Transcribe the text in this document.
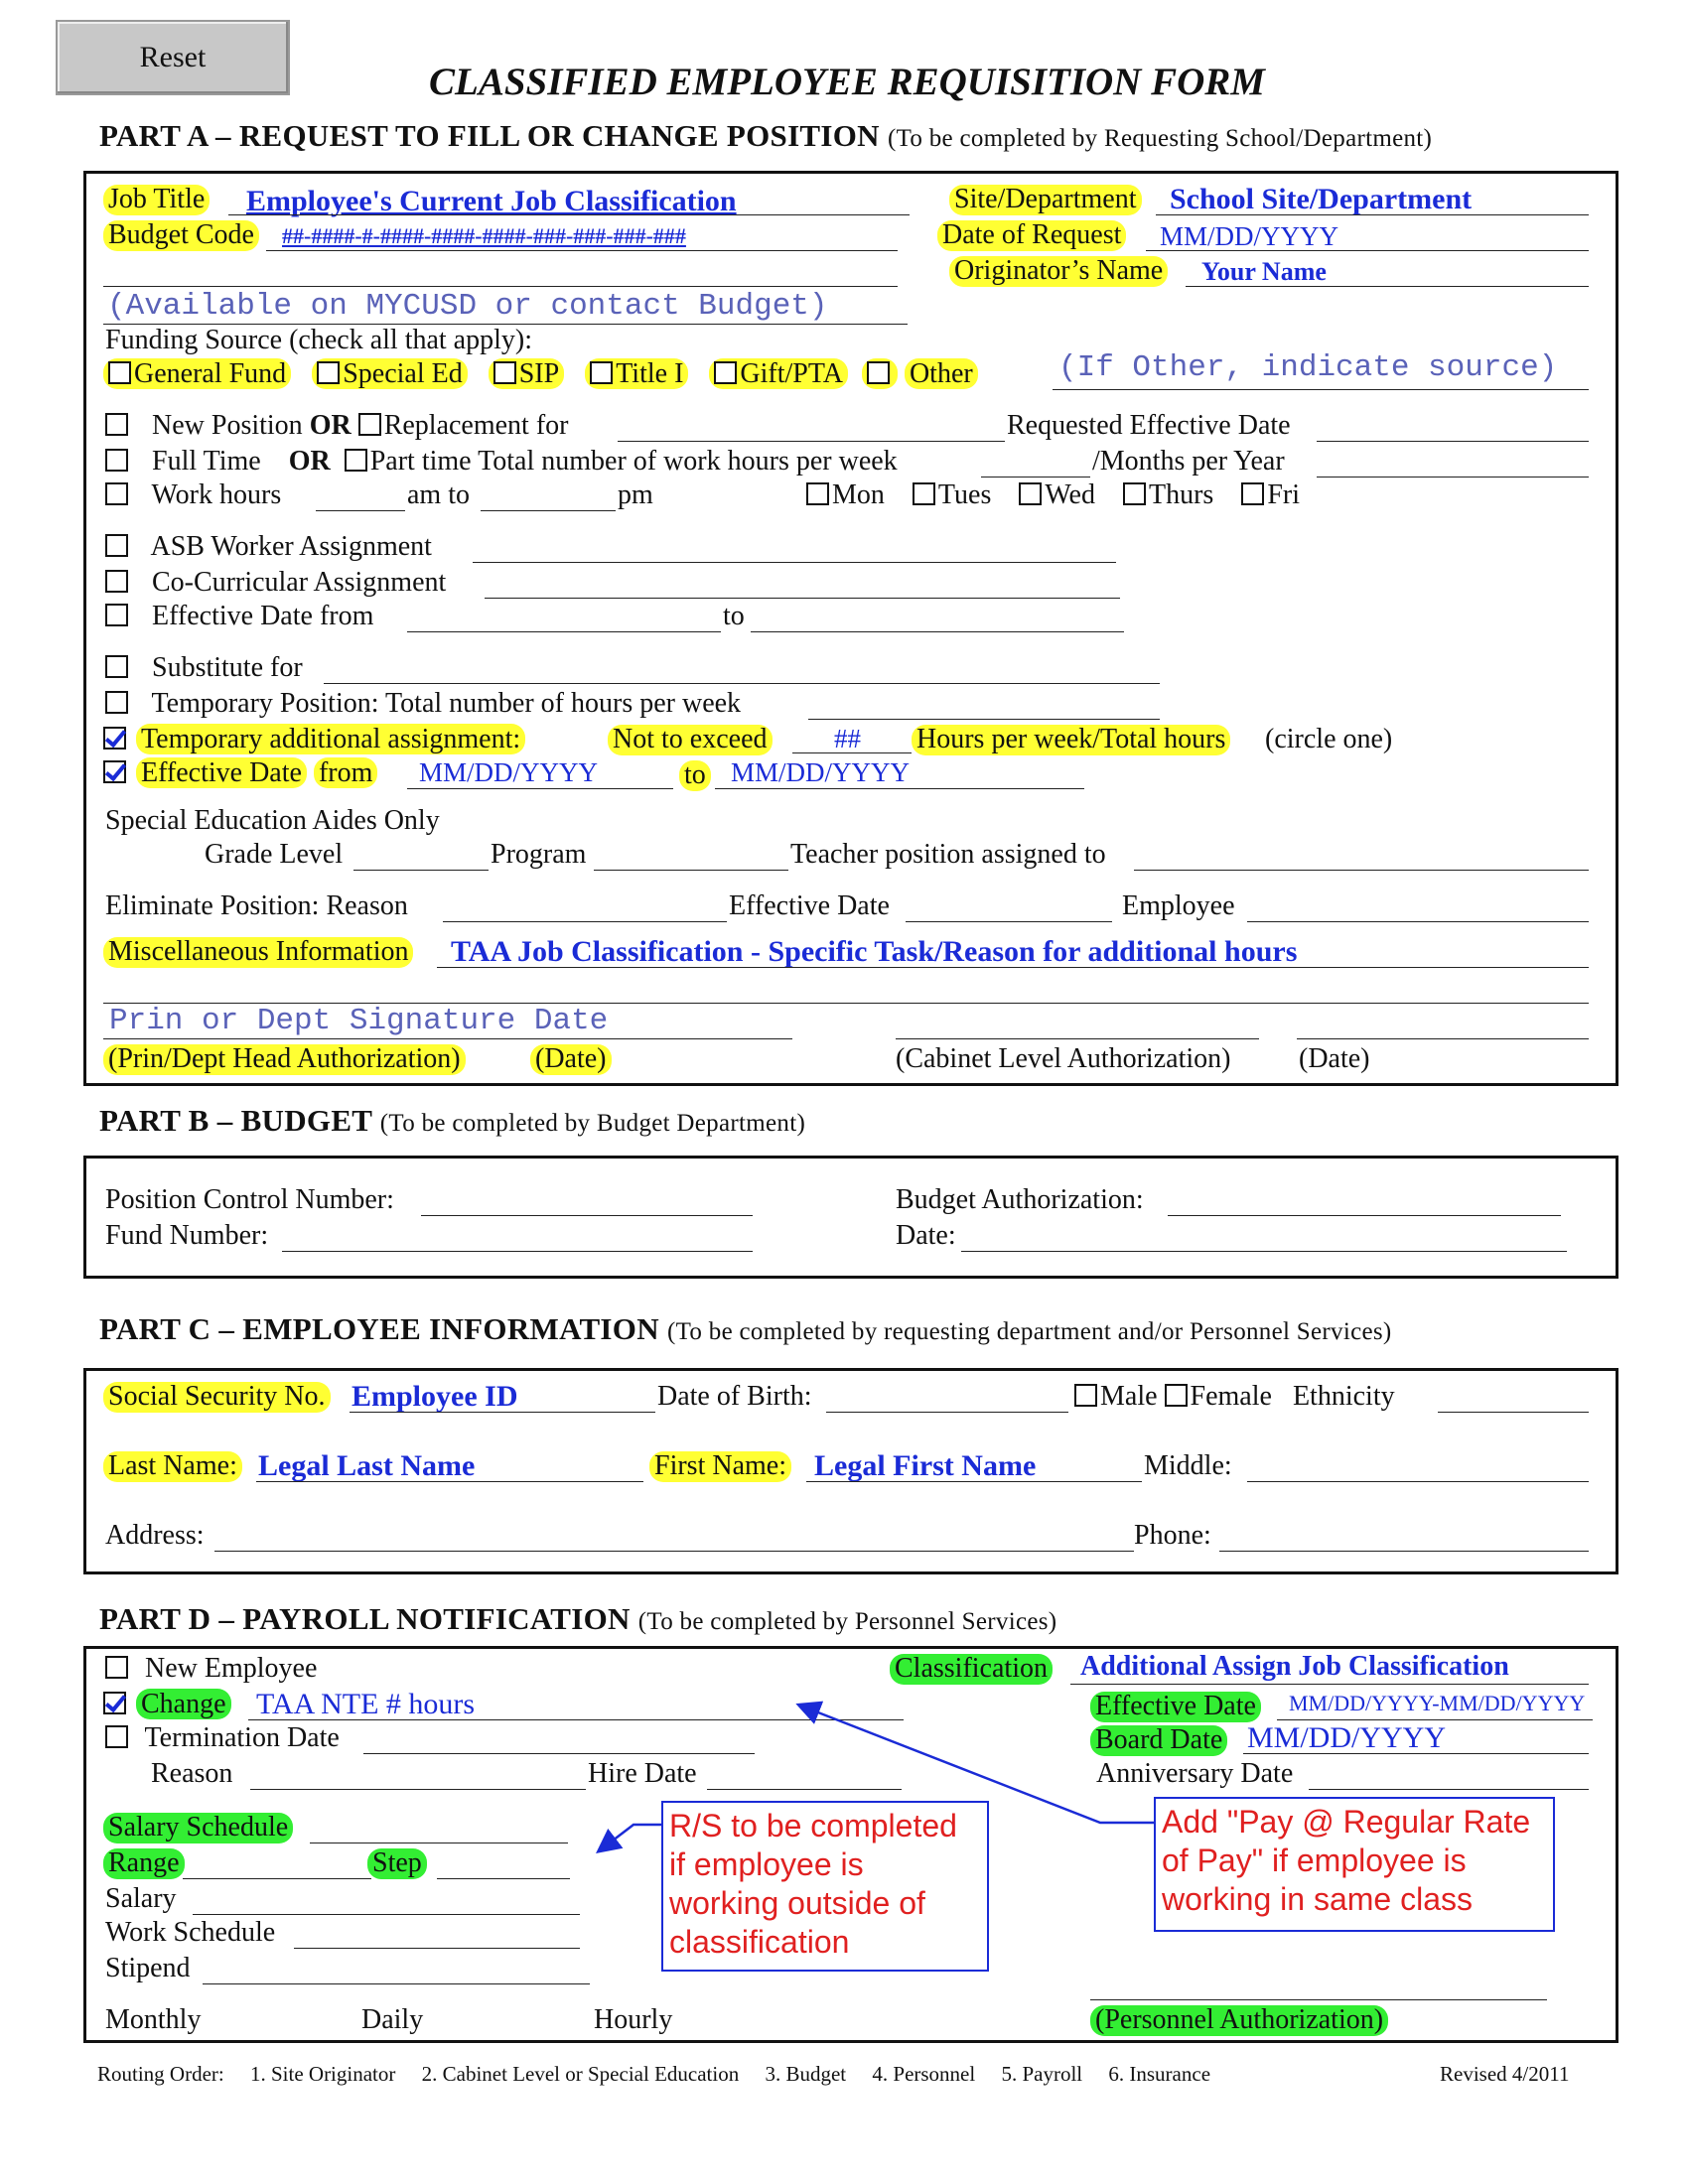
Reset
CLASSIFIED EMPLOYEE REQUISITION FORM
PART A – REQUEST TO FILL OR CHANGE POSITION (To be completed by Requesting School/Department)
Job Title Employee's Current Job Classification	Site/Department School Site/Department
Budget Code ##-####-#-####-####-####-###-###-###-###	Date of Request MM/DD/YYYY
Originator’s Name Your Name
(Available on MYCUSD or contact Budget)
Funding Source (check all that apply):
General Fund Special Ed SIP Title I Gift/PTA Other	(If Other, indicate source)
New Position OR Replacement for	Requested Effective Date
Full Time OR Part time Total number of work hours per week	/Months per Year
Work hours	am to	pm	Mon Tues Wed Thurs Fri
ASB Worker Assignment
Co-Curricular Assignment
Effective Date from	to
Substitute for
Temporary Position: Total number of hours per week
Temporary additional assignment:	Not to exceed	## Hours per week/Total hours (circle one)
Effective Date from MM/DD/YYYY	to MM/DD/YYYY
Special Education Aides Only
Grade Level	Program	Teacher position assigned to
Eliminate Position: Reason	Effective Date	Employee
Miscellaneous Information TAA Job Classification - Specific Task/Reason for additional hours
Prin or Dept Signature Date
(Prin/Dept Head Authorization)	(Date)	(Cabinet Level Authorization) (Date)
PART B – BUDGET (To be completed by Budget Department)
Position Control Number:
Fund Number:
Budget Authorization:
Date:
PART C – EMPLOYEE INFORMATION (To be completed by requesting department and/or Personnel Services)
Social Security No. Employee ID	Date of Birth:	Male Female Ethnicity
Last Name: Legal Last Name	First Name: Legal First Name	Middle:
Address:	Phone:
PART D – PAYROLL NOTIFICATION (To be completed by Personnel Services)
New Employee
Change TAA NTE # hours
Termination Date
Reason	Hire Date
Classification Additional Assign Job Classification
Effective Date MM/DD/YYYY-MM/DD/YYYY
Board Date MM/DD/YYYY
Anniversary Date
Salary Schedule
Range	Step
Salary
Work Schedule
Stipend
Monthly	Daily	Hourly	(Personnel Authorization)
R/S to be completed if employee is working outside of classification
Add "Pay @ Regular Rate of Pay" if employee is working in same class
Routing Order: 1. Site Originator 2. Cabinet Level or Special Education 3. Budget 4. Personnel 5. Payroll 6. Insurance	Revised 4/2011
